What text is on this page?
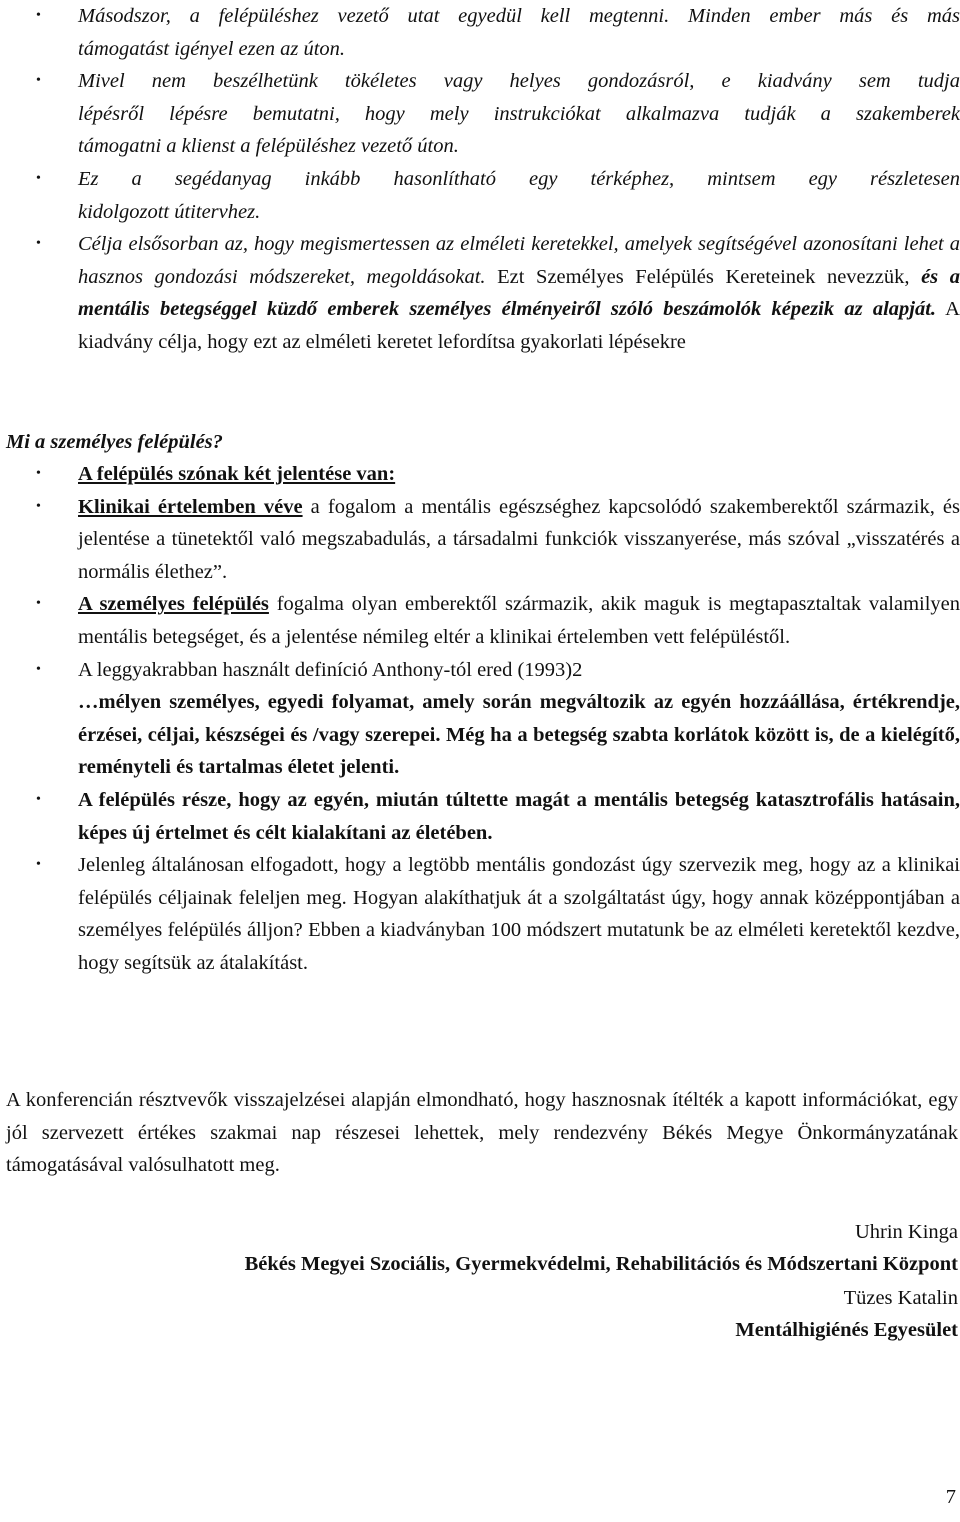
• Másodszor, a felépüléshez vezető utat egyedül kell megtenni. Minden ember más és más
támogatást igényel ezen az úton.
• Mivel nem beszélhetünk tökéletes vagy helyes gondozásról, e kiadvány sem tudja
lépésről lépésre bemutatni, hogy mely instrukciókat alkalmazva tudják a szakemberek
támogatni a klienst a felépüléshez vezető úton.
• Ez a segédanyag inkább hasonlítható egy térképhez, mintsem egy részletesen
kidolgozott útitervhez.
• Célja elsősorban az, hogy megismertessen az elméleti keretekkel, amelyek segítségével azonosítani lehet a hasznos gondozási módszereket, megoldásokat. Ezt Személyes Felépülés Kereteinek nevezzük, és a mentális betegséggel küzdő emberek személyes élményeiről szóló beszámolók képezik az alapját. A kiadvány célja, hogy ezt az elméleti keretet lefordítsa gyakorlati lépésekre
Mi a személyes felépülés?
• A felépülés szónak két jelentése van:
• Klinikai értelemben véve a fogalom a mentális egészséghez kapcsolódó szakemberektől származik, és jelentése a tünetektől való megszabadulás, a társadalmi funkciók visszanyerése, más szóval „visszatérés a normális élethez”.
• A személyes felépülés fogalma olyan emberektől származik, akik maguk is megtapasztaltak valamilyen mentális betegséget, és a jelentése némileg eltér a klinikai értelemben vett felépüléstől.
• A leggyakrabban használt definíció Anthony-tól ered (1993)2
…mélyen személyes, egyedi folyamat, amely során megváltozik az egyén hozzáállása, értékrendje, érzései, céljai, készségei és /vagy szerepei. Még ha a betegség szabta korlátok között is, de a kielégítő, reményteli és tartalmas életet jelenti.
• A felépülés része, hogy az egyén, miután túltette magát a mentális betegség katasztrofális hatásain, képes új értelmet és célt kialakítani az életében.
• Jelenleg általánosan elfogadott, hogy a legtöbb mentális gondozást úgy szervezik meg, hogy az a klinikai felépülés céljainak feleljen meg. Hogyan alakíthatjuk át a szolgáltatást úgy, hogy annak középpontjában a személyes felépülés álljon? Ebben a kiadványban 100 módszert mutatunk be az elméleti keretektől kezdve, hogy segítsük az átalakítást.
A konferencián résztvevők visszajelzései alapján elmondható, hogy hasznosnak ítélték a kapott információkat, egy jól szervezett értékes szakmai nap részesei lehettek, mely rendezvény Békés Megye Önkormányzatának támogatásával valósulhatott meg.
Uhrin Kinga
Békés Megyei Szociális, Gyermekvédelmi, Rehabilitációs és Módszertani Központ
Tüzes Katalin
Mentálhigiénés Egyesület
7
